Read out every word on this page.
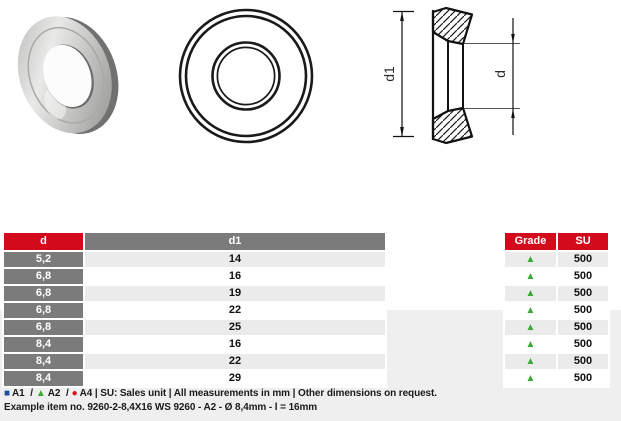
d1	d
d	d1
5,2	14
6,8	16
6,8	19
6,8	22
6,8	25
8,4	16
8,4	22
8,4	29
Grade	SU
▲	500
▲	500
▲	500
▲	500
▲	500
▲	500
▲	500
▲	500
■ A1 / ▲ A2 / ● A4 | SU: Sales unit | All measurements in mm | Other dimensions on request.
Example item no. 9260-2-8,4X16 WS 9260 - A2 - Ø 8,4mm - l = 16mm
